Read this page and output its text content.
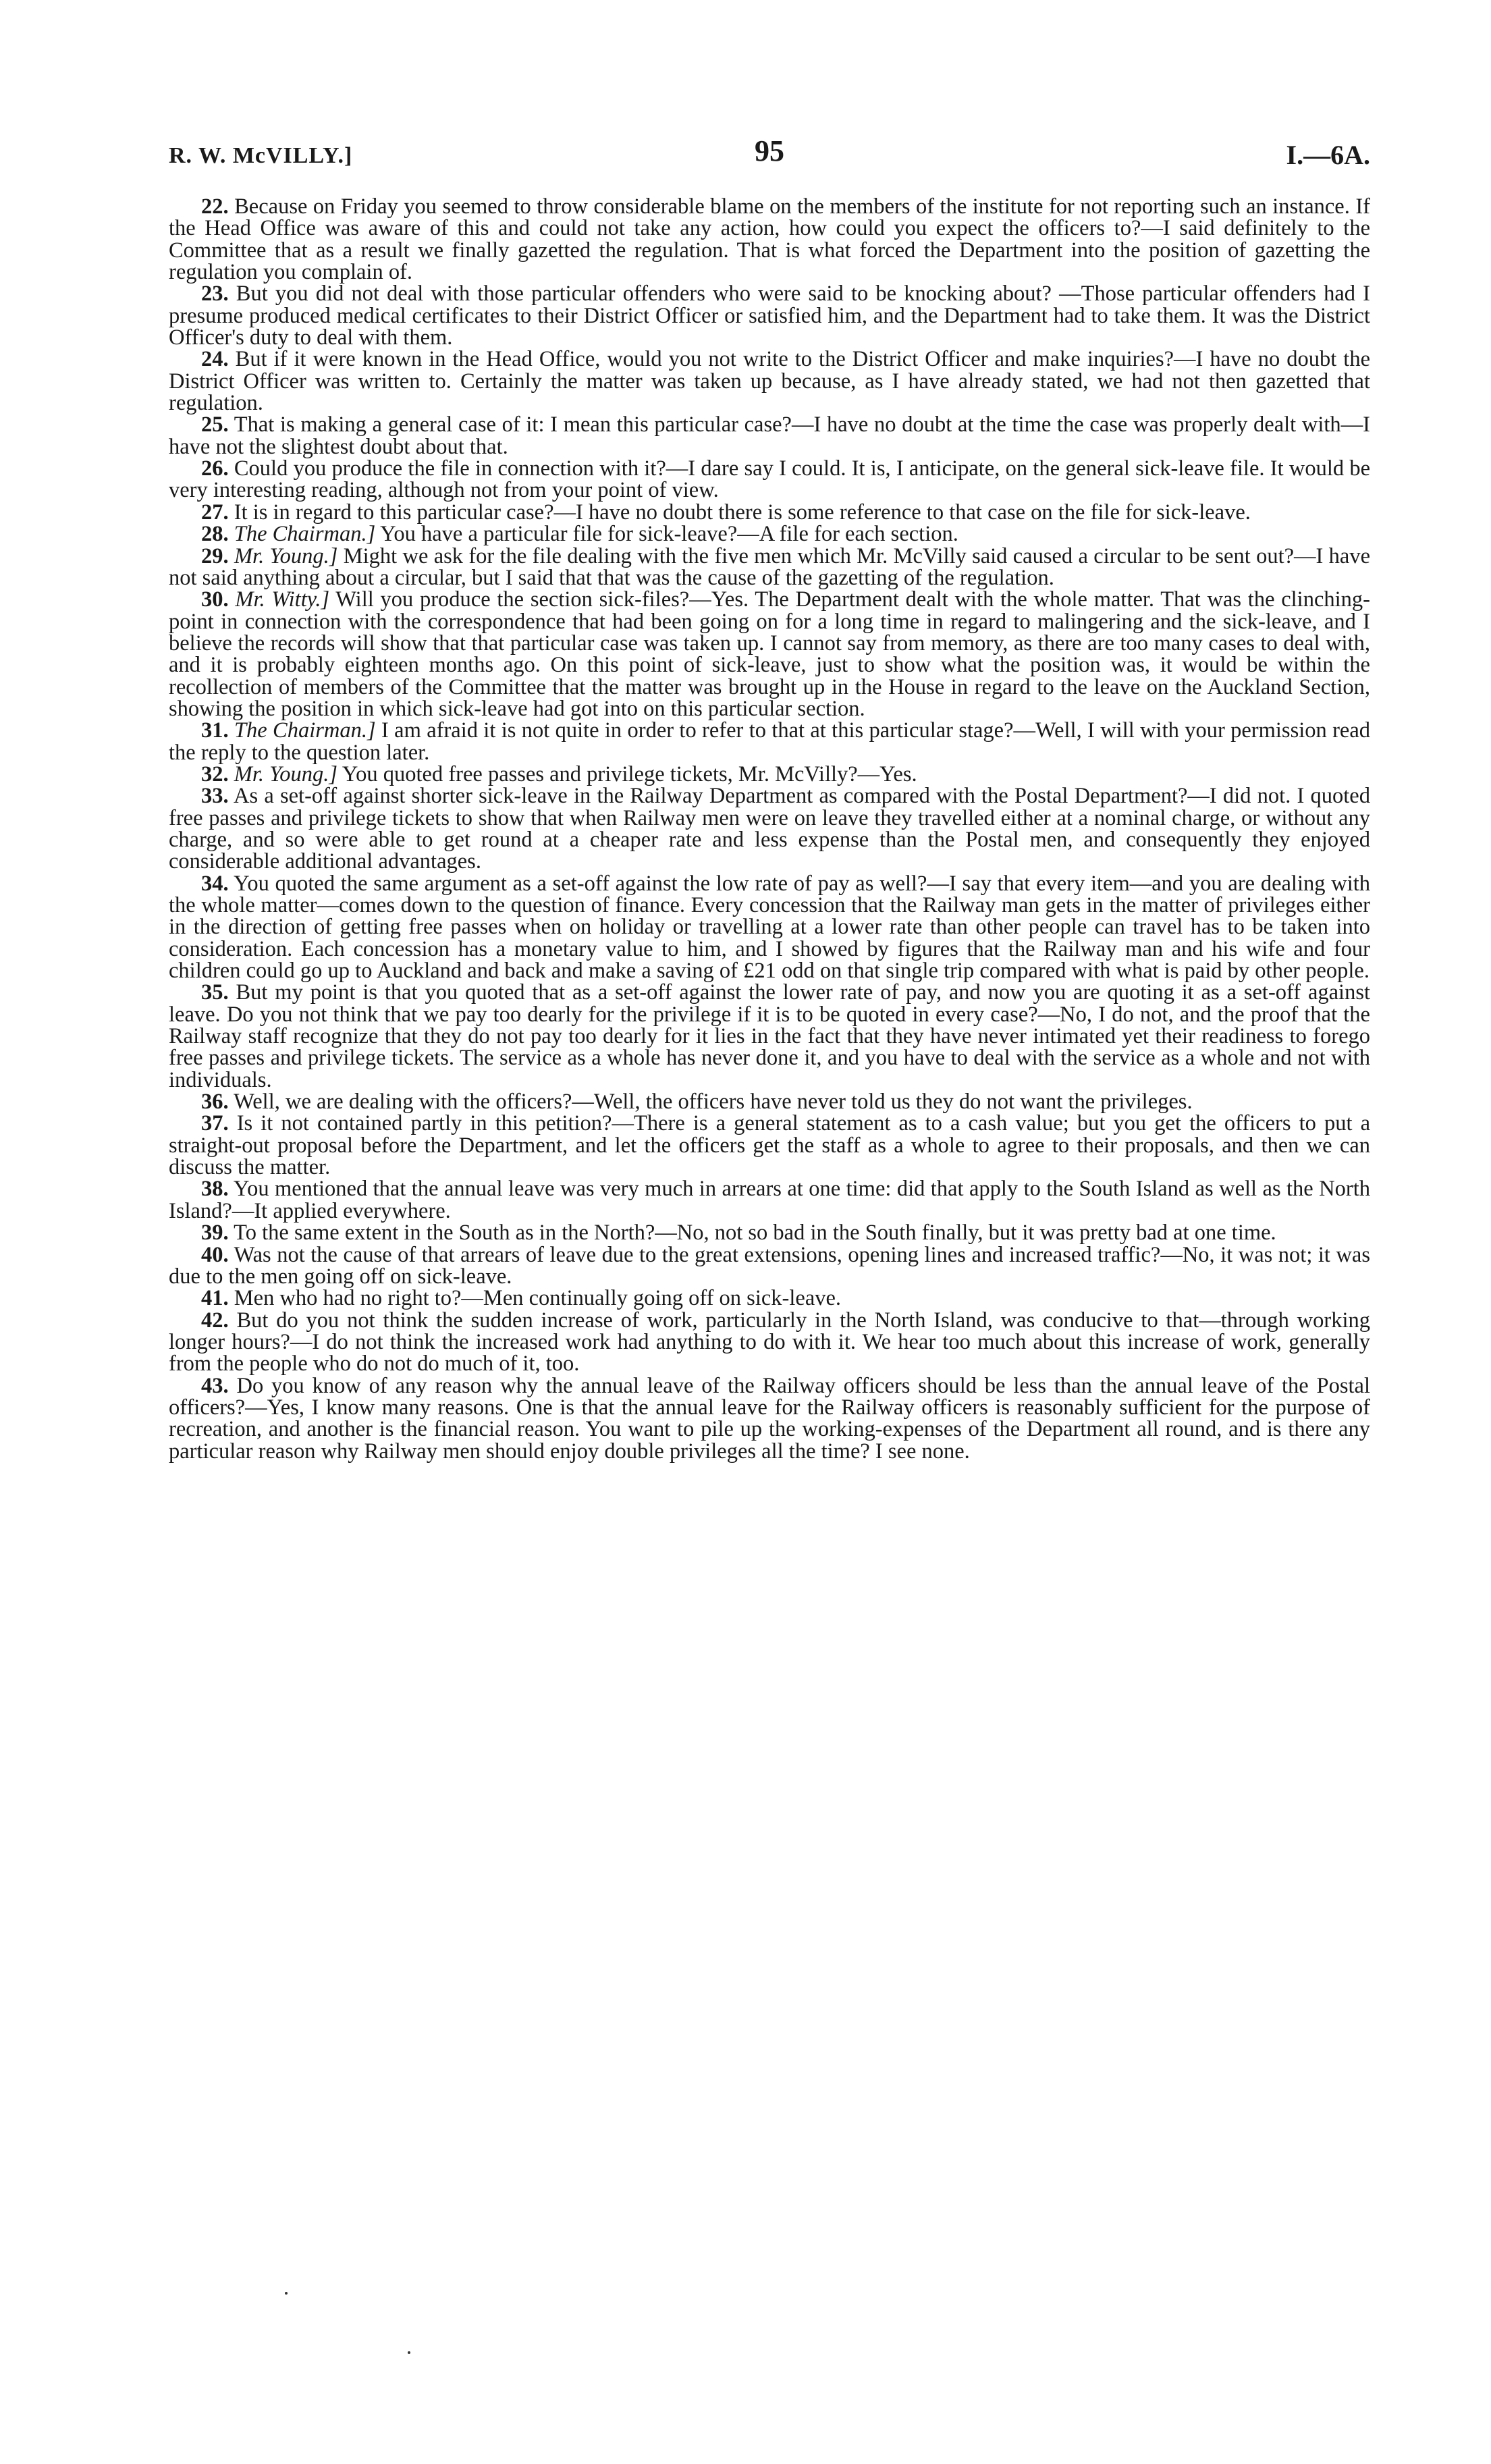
R. W. McVILLY.]	95	I.—6A.

22. Because on Friday you seemed to throw considerable blame on the members of the institute for not reporting such an instance. If the Head Office was aware of this and could not take any action, how could you expect the officers to?—I said definitely to the Committee that as a result we finally gazetted the regulation. That is what forced the Department into the position of gazetting the regulation you complain of.

23. But you did not deal with those particular offenders who were said to be knocking about? —Those particular offenders had I presume produced medical certificates to their District Officer or satisfied him, and the Department had to take them. It was the District Officer's duty to deal with them.

24. But if it were known in the Head Office, would you not write to the District Officer and make inquiries?—I have no doubt the District Officer was written to. Certainly the matter was taken up because, as I have already stated, we had not then gazetted that regulation.

25. That is making a general case of it: I mean this particular case?—I have no doubt at the time the case was properly dealt with—I have not the slightest doubt about that.

26. Could you produce the file in connection with it?—I dare say I could. It is, I anticipate, on the general sick-leave file. It would be very interesting reading, although not from your point of view.

27. It is in regard to this particular case?—I have no doubt there is some reference to that case on the file for sick-leave.

28. The Chairman.] You have a particular file for sick-leave?—A file for each section.

29. Mr. Young.] Might we ask for the file dealing with the five men which Mr. McVilly said caused a circular to be sent out?—I have not said anything about a circular, but I said that that was the cause of the gazetting of the regulation.

30. Mr. Witty.] Will you produce the section sick-files?—Yes. The Department dealt with the whole matter. That was the clinching-point in connection with the correspondence that had been going on for a long time in regard to malingering and the sick-leave, and I believe the records will show that that particular case was taken up. I cannot say from memory, as there are too many cases to deal with, and it is probably eighteen months ago. On this point of sick-leave, just to show what the position was, it would be within the recollection of members of the Committee that the matter was brought up in the House in regard to the leave on the Auckland Section, showing the position in which sick-leave had got into on this particular section.

31. The Chairman.] I am afraid it is not quite in order to refer to that at this particular stage?—Well, I will with your permission read the reply to the question later.

32. Mr. Young.] You quoted free passes and privilege tickets, Mr. McVilly?—Yes.

33. As a set-off against shorter sick-leave in the Railway Department as compared with the Postal Department?—I did not. I quoted free passes and privilege tickets to show that when Railway men were on leave they travelled either at a nominal charge, or without any charge, and so were able to get round at a cheaper rate and less expense than the Postal men, and consequently they enjoyed considerable additional advantages.

34. You quoted the same argument as a set-off against the low rate of pay as well?—I say that every item—and you are dealing with the whole matter—comes down to the question of finance. Every concession that the Railway man gets in the matter of privileges either in the direction of getting free passes when on holiday or travelling at a lower rate than other people can travel has to be taken into consideration. Each concession has a monetary value to him, and I showed by figures that the Railway man and his wife and four children could go up to Auckland and back and make a saving of £21 odd on that single trip compared with what is paid by other people.

35. But my point is that you quoted that as a set-off against the lower rate of pay, and now you are quoting it as a set-off against leave. Do you not think that we pay too dearly for the privilege if it is to be quoted in every case?—No, I do not, and the proof that the Railway staff recognize that they do not pay too dearly for it lies in the fact that they have never intimated yet their readiness to forego free passes and privilege tickets. The service as a whole has never done it, and you have to deal with the service as a whole and not with individuals.

36. Well, we are dealing with the officers?—Well, the officers have never told us they do not want the privileges.

37. Is it not contained partly in this petition?—There is a general statement as to a cash value; but you get the officers to put a straight-out proposal before the Department, and let the officers get the staff as a whole to agree to their proposals, and then we can discuss the matter.

38. You mentioned that the annual leave was very much in arrears at one time: did that apply to the South Island as well as the North Island?—It applied everywhere.

39. To the same extent in the South as in the North?—No, not so bad in the South finally, but it was pretty bad at one time.

40. Was not the cause of that arrears of leave due to the great extensions, opening lines and increased traffic?—No, it was not; it was due to the men going off on sick-leave.

41. Men who had no right to?—Men continually going off on sick-leave.

42. But do you not think the sudden increase of work, particularly in the North Island, was conducive to that—through working longer hours?—I do not think the increased work had anything to do with it. We hear too much about this increase of work, generally from the people who do not do much of it, too.

43. Do you know of any reason why the annual leave of the Railway officers should be less than the annual leave of the Postal officers?—Yes, I know many reasons. One is that the annual leave for the Railway officers is reasonably sufficient for the purpose of recreation, and another is the financial reason. You want to pile up the working-expenses of the Department all round, and is there any particular reason why Railway men should enjoy double privileges all the time? I see none.
